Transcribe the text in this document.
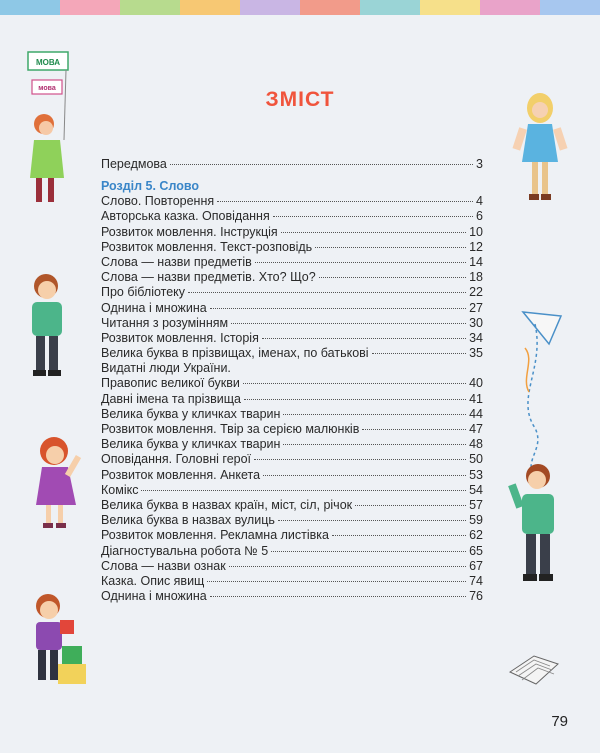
МОВА
мова	ЗМІСТ
Передмова	3
Розділ 5. Слово
Слово. Повторення	4
Авторська казка. Оповідання	6
Розвиток мовлення. Інструкція	10
Розвиток мовлення. Текст-розповідь	12
Слова — назви предметів	14
Слова — назви предметів. Хто? Що?	18
Про бібліотеку	22
Однина і множина	27
Читання з розумінням	30
Розвиток мовлення. Історія	34
Велика буква в прізвищах, іменах, по батькові	35
Видатні люди України.
Правопис великої букви	40
Давні імена та прізвища	41
Велика буква у кличках тварин	44
Розвиток мовлення. Твір за серією малюнків	47
Велика буква у кличках тварин	48
Оповідання. Головні герої	50
Розвиток мовлення. Анкета	53
Комікс	54
Велика буква в назвах країн, міст, сіл, річок	57
Велика буква в назвах вулиць	59
Розвиток мовлення. Рекламна листівка	62
Діагностувальна робота № 5	65
Слова — назви ознак	67
Казка. Опис явищ	74
Однина і множина	76
79
